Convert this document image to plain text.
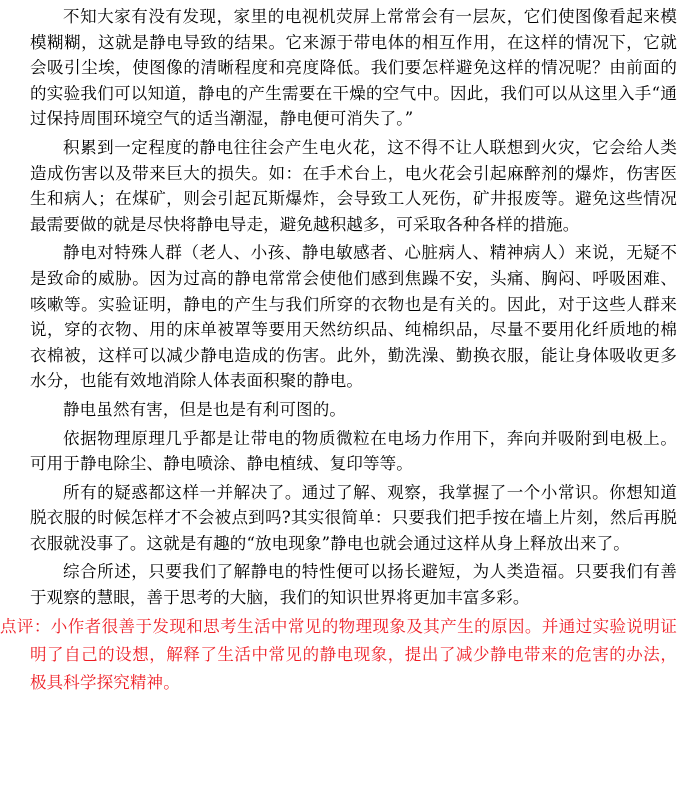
不知大家有没有发现，家里的电视机荧屏上常常会有一层灰，它们使图像看起来模模糊糊，这就是静电导致的结果。它来源于带电体的相互作用，在这样的情况下，它就会吸引尘埃，使图像的清晰程度和亮度降低。我们要怎样避免这样的情况呢？由前面的的实验我们可以知道，静电的产生需要在干燥的空气中。因此，我们可以从这里入手“通过保持周围环境空气的适当潮湿，静电便可消失了。”

积累到一定程度的静电往往会产生电火花，这不得不让人联想到火灾，它会给人类造成伤害以及带来巨大的损失。如：在手术台上，电火花会引起麻醉剂的爆炸，伤害医生和病人；在煤矿，则会引起瓦斯爆炸，会导致工人死伤，矿井报废等。避免这些情况最需要做的就是尽快将静电导走，避免越积越多，可采取各种各样的措施。

静电对特殊人群（老人、小孩、静电敏感者、心脏病人、精神病人）来说，无疑不是致命的威胁。因为过高的静电常常会使他们感到焦躁不安，头痛、胸闷、呼吸困难、咳嗽等。实验证明，静电的产生与我们所穿的衣物也是有关的。因此，对于这些人群来说，穿的衣物、用的床单被罩等要用天然纺织品、纯棉织品，尽量不要用化纤质地的棉衣棉被，这样可以减少静电造成的伤害。此外，勤洗澡、勤换衣服，能让身体吸收更多水分，也能有效地消除人体表面积聚的静电。

静电虽然有害，但是也是有利可图的。

依据物理原理几乎都是让带电的物质微粒在电场力作用下，奔向并吸附到电极上。可用于静电除尘、静电喷涂、静电植绒、复印等等。

所有的疑惑都这样一并解决了。通过了解、观察，我掌握了一个小常识。你想知道脱衣服的时候怎样才不会被点到吗?其实很简单：只要我们把手按在墙上片刻，然后再脱衣服就没事了。这就是有趣的“放电现象”静电也就会通过这样从身上释放出来了。

综合所述，只要我们了解静电的特性便可以扬长避短，为人类造福。只要我们有善于观察的慧眼，善于思考的大脑，我们的知识世界将更加丰富多彩。

点评：小作者很善于发现和思考生活中常见的物理现象及其产生的原因。并通过实验说明证明了自己的设想，解释了生活中常见的静电现象，提出了减少静电带来的危害的办法，极具科学探究精神。
